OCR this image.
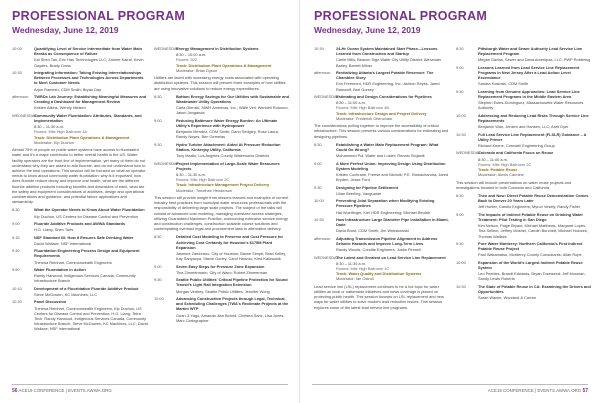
PROFESSIONAL PROGRAM
Wednesday, June 12, 2019
10:00	Quantifying Level of Service Intermediate from Water Main Breaks as Consequence of Failure
Kai Shen Tan, Eric Hau Technologies LLC; Zaheer Kairal, Kevin Gaydes, Brady Cross
10:30	Integrating Information: Taking Existing Interrelationships Between Processes and Technologies Across Departments to Meet Customer Needs
Arjun Ramesh, CDM Smith; Bryan Day
afternoon	TWRDs Lab Journey: Establishing Meaningful Measures and Creating a Dashboard for Management Review
Kristen Atkins, Wendy Nielsen
WEDNESDAY
Community Water Fluoridation: Attributes, Standards, and Implementation
8:30 – 11:30 a.m.
Rooms: Mile High Ballroom 1A
Track: Distribution Plant Operations & Management
Moderator: Kip Duchon
Almost 75% of people on public water systems have access to fluoridated water and it's a major contributor to better overall health in the US. Water facility operators are the front line of implementation, yet many of them do not understand why they are asked to add fluoride, and do not understand how to achieve the best operations. This session will be focused on what an operator needs to know about community water fluoridation: why is it important, how does fluoride reduce decay and improve oral health, what are the different fluoride additive products including benefits and downsides of each, what are the safety and equipment considerations of additives, design and operational considerations and guidance, and potential failure applications and stewardship.
8:30	What the Operator Needs to Know About Water Fluoridation
Kip Duchon, US Centers for Disease Control and Prevention
9:00	Fluoride Additive Products and AWWA Standards
H.G. Liang, Shen Tarts
9:15	NSF Standard 60: How It Ensures Safe Drinking Water
David Wallace, NSF International
9:30	Fluoridation Engineering Process Design and Equipment Requirements
Theresa Reinhart, Commonwealth Engineers
9:50	Water Fluoridation in Action
Randy Harwood, Indigenous Services Canada, Community Infrastructure Branch
10:10	Development of a Fluoridation Fluoride Additive Product
Steve McGowen, KC Machines, LLC
10:30	Panel Discussion
Theresa Reinhart, Commonwealth Engineers; Kip Duchon, US Centers for Disease Control and Prevention; H.G. Liang, Tetra Tech; Randy Harwood, Indigenous Services Canada, Community Infrastructure Branch; Steve McGowen, KC Machines, LLC; David Wallace, NSF International
WEDNESDAY
Energy Management in Distribution Systems
8:30 – 10:00 a.m.
Rooms: 502
Track: Distribution Plant Operations & Management
Moderator: Brian Dyson
Utilities are faced with increasing energy costs associated with operating distribution systems. This session will present three examples of how utilities are using innovative solutions to reduce energy expenditures.
8:30	Bottom Energy Savings for Our Utilities with Sustainable and Wastewater Utility Operations
Carla Glenski, MWH Americas, Inc.; Willie Vell, Wendell Rotunno, Jason Janganda
9:00	Reducing Baltimore Water Energy Burden: An Ultimate Utility's Experience with Hydropower
Benjamin Mendez, CDM Smith; Dann Sedgley, Rose Laura, Randy Noyes, Ben Gemelas
9:30	Hydro Turbine Attachment: Aided At Pressure Reduction Station, Kinkerjay Utility, California
Tony Martin, Los Angeles County Waterworks Districts
WEDNESDAY
Project Implementation of Large-Scale Water Resources Projects
8:30 – 11:30 a.m.
Rooms: Mile High Ballroom 2C
Track: Infrastructure Management Project Delivery
Moderator: Timothee Henderson
This session will provide insight from lessons learned and examples of current industry best practices from municipal water resources professionals with the responsibility of delivering large scale projects. The subject of the talks will consist of advanced cost modeling, managing oversized access strategies, utilizing Guaranteed Maximum Practice, overcoming extensive service energy and construction challenges, construction scalable course solutions and contemplating overhaul legal and procurement laws to alternative delivery.
8:30	Detailed Cost Modeling to Preserve and Cost Pressure for Achieving Cost Certainty for Houston's $175M Plant Expansion
Jasmine Zambrano, City of Houston; Blaine Simpb, Brad Kelley, Kay Sanyanya, Stavie Gorley, Carol Hanzoo, Kirst Kalosuwik
9:00	Seven Easy Steps for Pressure Zone Expansion
Tina Zimmermann, City of Waco; Robert Zimmerman
9:30	Seattle Public Utilities' Critical Pipeline Protection for Sound Transit's Light Rail Integration Extension
Morgan Vedhey, Seattle Public Utilities; Jennifer Wong
10:00	Advancing Construction Projects through Legal, Technical, and Scheduling Challenges (TWA's Reclimate Projects at the Martini WTP
Guan Ji Yago, Amanda Jian Bohnd, Chelsea Sanz, Lisa Jones, Marc Cartographer
56 ACE19 CONFERENCE | EVENTS.AWWA.ORG
PROFESSIONAL PROGRAM
Wednesday, June 12, 2019
10:30	24-Hr Ocean System Maintained Start Phase—Lessons Learned from Construction and Startup
Carlie Mills, Beacon Sign Water City Utility District; Alexander Barley, Barrett Milner
afternoon	Revitalizing Atlanta's Largest Potable Reservoir: The Chamblee Story
Erin Freemont, HDR Engineering, Inc.; Ashton Reyes, Jared Rainwolf, Bart Gorsey
WEDNESDAY
Estimating and Design Considerations for Pipelines
8:30 – 11:00 a.m.
Rooms: Mile High Ballroom 4B
Track: Infrastructure Design and Project Delivery
Moderator: Frederick Obenchain
The considerations pulling together to improve the accessibility of critical infrastructure. This session presents various considerations for estimating and designing pipelines.
8:30	Establishing a Water Main Replacement Program: What Could Go Wrong?
Mohammed Pul, Water and Luster; Renato Stojanik
9:00	A More Perfect Union: Improving Design Using Distribution System Modeling
Kristen Cochrane, Freese and Nichols; P.E. Ramachandra, Jared Bryden, Jesse Ford
9:30	Designing for Pipeline Settlement
Lilian Beerling, Vanguarde
10:00	Preventing Joint Separation when Modifying Existing Pressure Pipelines
Hal Woelfinger, Kiel HDR Engineering; Michael Beulah
10:30	How Infrastructure Large Diameter Pipe Installation in Miami-Dade
David Brust, CDM Smith; Jim Wimskowski
afternoon	Adjusting Transmission Pipeline Alignment to Address Seismic Hazards and Improve Long-Term Lives
Randy Woods, Condite Engineers; Justin Pennell
WEDNESDAY
The Latest and Greatest on Lead Service Line Replacement
8:30 – 11:30 a.m.
Rooms: Mile High Ballroom 1C
Track: Water Quality and Distribution Systems
Moderator: Ian Ostroll
Lead service line (LSL) replacement continues to be a hot topic for water utilities as local or nationwide initiatives and news coverage is placed on protecting public health. This session focuses on LSL replacement and new ways for water utilities to solve modern lead reduction issues. This session explores some of the latest lead service line programs.
8:30	Pittsburgh Water and Sewer Authority Lead Service Line Replacement Program
Megan Gaviss, Sewer and Dana Ameriquia, LLC; PWP Robbinsg
9:00	Lessons Learned from Lead Service Line Replacement Programs in New Jersey After a Lead Action Level Exceedance
Sandra Kosinski, CDM Smith
9:30	Learning from Genuine Approaches: Lead Service Line Replacement Programs in the Middle Eastern Area
Stephen Estes-Dominguez, Massachusetts Water Resources Authority
10:00	Addressing and Reducing Lead Risks Through Service Line Replacements
Benjamin Wan, Jensen and Hansen, LLC; Areti Dyer
10:30	Full Lead Service Line Replacement (FLSLR) Guidance – A Utility Primer
Richard Keene, Cornwell Engineering Group
WEDNESDAY
Colorado and California Focus on Reuse
8:30 – 11:00 a.m.
Rooms: Mile High Ballroom 2C
Track: Potable Reuse
Moderator: Alexis Carmine
This session will include presentations on water reuse projects and investigations focused in both Colorado and California.
8:30	Then and Now: Direct Potable Reuse Demonstration Comes Back to Denver 20 Years Later
Jeff Hunter, Carollo Engineers; Myron Vesely, Randy Fisher
9:00	The Impacts of Indirect Potable Reuse on Drinking Water Treatment: Pilot Testing in San Diego
Kim Nelson, Paige Bryant, Michael Matthews, Margaret Lopes, Tina Sellem, Jeffrey Mosher, Carolin Burchett, Michael Holocek, Thomas Wallace
9:30	Pure Water Monterey: Northern California's First Indirect Potable Reuse Project
Paul Wakamatsu, Monterey County Consultants; Allan Rope
10:00	Expansion of the World's Largest Indirect Potable Reuse System
Leo Peebles, Brandi Edwards, Bryan Townsend; Jeff Mosman, Sandy Lewis Roberts
10:30	The State of Potable Reuse in CA: Examining the Drivers and Opportunities
Sarah Wanler, Woodard & Curran
ACE19 CONFERENCE | EVENTS.AWWA.ORG 57
